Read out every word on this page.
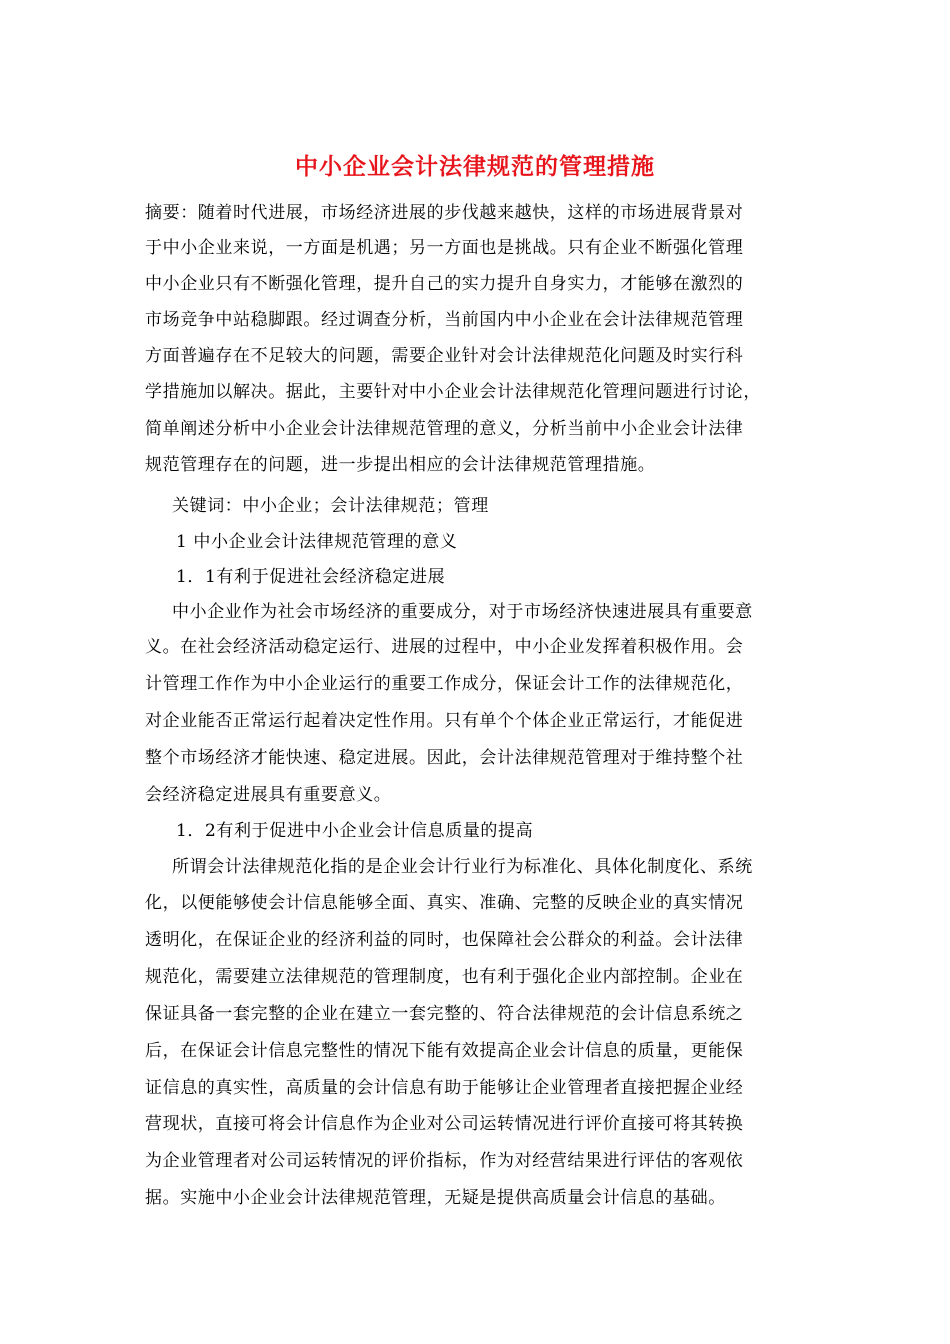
中小企业会计法律规范的管理措施
摘要：随着时代进展，市场经济进展的步伐越来越快，这样的市场进展背景对
于中小企业来说，一方面是机遇；另一方面也是挑战。只有企业不断强化管理
中小企业只有不断强化管理，提升自己的实力提升自身实力，才能够在激烈的
市场竞争中站稳脚跟。经过调查分析，当前国内中小企业在会计法律规范管理
方面普遍存在不足较大的问题，需要企业针对会计法律规范化问题及时实行科
学措施加以解决。据此，主要针对中小企业会计法律规范化管理问题进行讨论，
简单阐述分析中小企业会计法律规范管理的意义，分析当前中小企业会计法律
规范管理存在的问题，进一步提出相应的会计法律规范管理措施。
关键词：中小企业；会计法律规范；管理
1 中小企业会计法律规范管理的意义
1．1有利于促进社会经济稳定进展
中小企业作为社会市场经济的重要成分，对于市场经济快速进展具有重要意
义。在社会经济活动稳定运行、进展的过程中，中小企业发挥着积极作用。会
计管理工作作为中小企业运行的重要工作成分，保证会计工作的法律规范化，
对企业能否正常运行起着决定性作用。只有单个个体企业正常运行，才能促进
整个市场经济才能快速、稳定进展。因此，会计法律规范管理对于维持整个社
会经济稳定进展具有重要意义。
1．2有利于促进中小企业会计信息质量的提高
所谓会计法律规范化指的是企业会计行业行为标准化、具体化制度化、系统
化，以便能够使会计信息能够全面、真实、准确、完整的反映企业的真实情况
透明化，在保证企业的经济利益的同时，也保障社会公群众的利益。会计法律
规范化，需要建立法律规范的管理制度，也有利于强化企业内部控制。企业在
保证具备一套完整的企业在建立一套完整的、符合法律规范的会计信息系统之
后，在保证会计信息完整性的情况下能有效提高企业会计信息的质量，更能保
证信息的真实性，高质量的会计信息有助于能够让企业管理者直接把握企业经
营现状，直接可将会计信息作为企业对公司运转情况进行评价直接可将其转换
为企业管理者对公司运转情况的评价指标，作为对经营结果进行评估的客观依
据。实施中小企业会计法律规范管理，无疑是提供高质量会计信息的基础。
